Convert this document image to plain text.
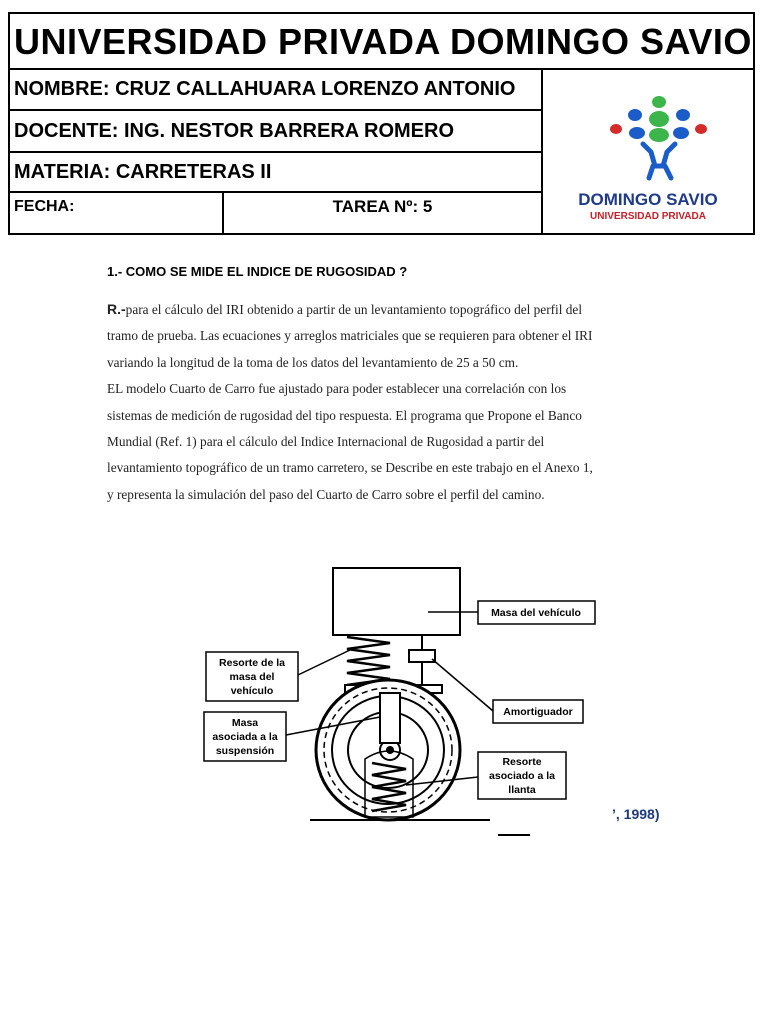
UNIVERSIDAD PRIVADA DOMINGO SAVIO
NOMBRE: CRUZ CALLAHUARA LORENZO ANTONIO
DOCENTE: ING. NESTOR BARRERA ROMERO
MATERIA: CARRETERAS II
FECHA:	TAREA Nº: 5	DOMINGO SAVIO
UNIVERSIDAD PRIVADA
1.- COMO SE MIDE EL INDICE DE RUGOSIDAD ?

R.-para el cálculo del IRI obtenido a partir de un levantamiento topográfico del perfil del

tramo de prueba. Las ecuaciones y arreglos matriciales que se requieren para obtener el IRI

variando la longitud de la toma de los datos del levantamiento de 25 a 50 cm.

EL modelo Cuarto de Carro fue ajustado para poder establecer una correlación con los

sistemas de medición de rugosidad del tipo respuesta. El programa que Propone el Banco

Mundial (Ref. 1) para el cálculo del Indice Internacional de Rugosidad a partir del

levantamiento topográfico de un tramo carretero, se Describe en este trabajo en el Anexo 1,

y representa la simulación del paso del Cuarto de Carro sobre el perfil del camino.

Masa del vehículo
Resorte de la
masa del
vehículo
Amortiguador
Masa
asociada a la
suspensión
Resorte
asociado a la
llanta
’, 1998)
